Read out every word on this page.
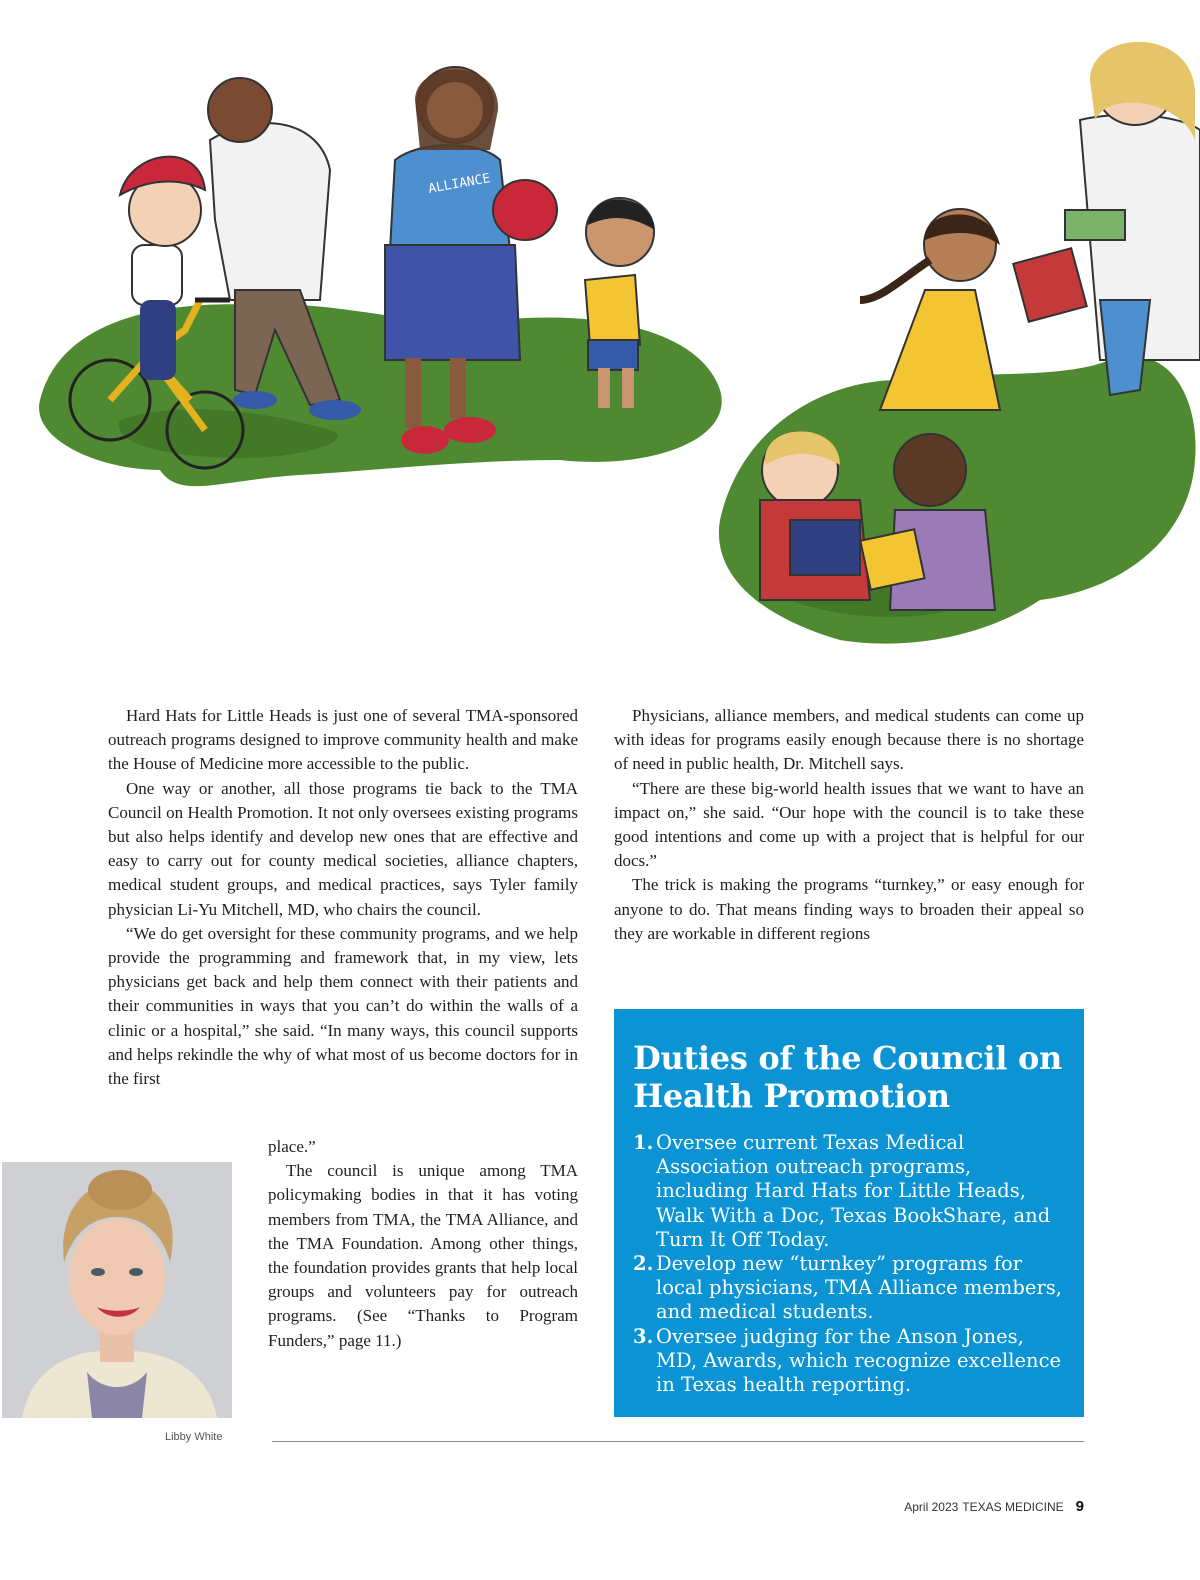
ALLIANCE

Hard Hats for Little Heads is just one of several TMA-sponsored outreach programs designed to improve community health and make the House of Medicine more accessible to the public.

One way or another, all those programs tie back to the TMA Council on Health Promotion. It not only oversees existing programs but also helps identify and develop new ones that are effective and easy to carry out for county medical societies, alliance chapters, medical student groups, and medical practices, says Tyler family physician Li-Yu Mitchell, MD, who chairs the council.

“We do get oversight for these community programs, and we help provide the programming and framework that, in my view, lets physicians get back and help them connect with their patients and their communities in ways that you can’t do within the walls of a clinic or a hospital,” she said. “In many ways, this council supports and helps rekindle the why of what most of us become doctors for in the first

Libby White

place.”

The council is unique among TMA policymaking bodies in that it has voting members from TMA, the TMA Alliance, and the TMA Foundation. Among other things, the foundation provides grants that help local groups and volunteers pay for outreach programs. (See “Thanks to Program Funders,” page 11.)

Physicians, alliance members, and medical students can come up with ideas for programs easily enough because there is no shortage of need in public health, Dr. Mitchell says.

“There are these big-world health issues that we want to have an impact on,” she said. “Our hope with the council is to take these good intentions and come up with a project that is helpful for our docs.”

The trick is making the programs “turnkey,” or easy enough for anyone to do. That means finding ways to broaden their appeal so they are workable in different regions

Duties of the Council on Health Promotion
1. Oversee current Texas Medical Association outreach programs, including Hard Hats for Little Heads, Walk With a Doc, Texas BookShare, and Turn It Off Today.
2. Develop new “turnkey” programs for local physicians, TMA Alliance members, and medical students.
3. Oversee judging for the Anson Jones, MD, Awards, which recognize excellence in Texas health reporting.
April 2023 TEXAS MEDICINE 9
